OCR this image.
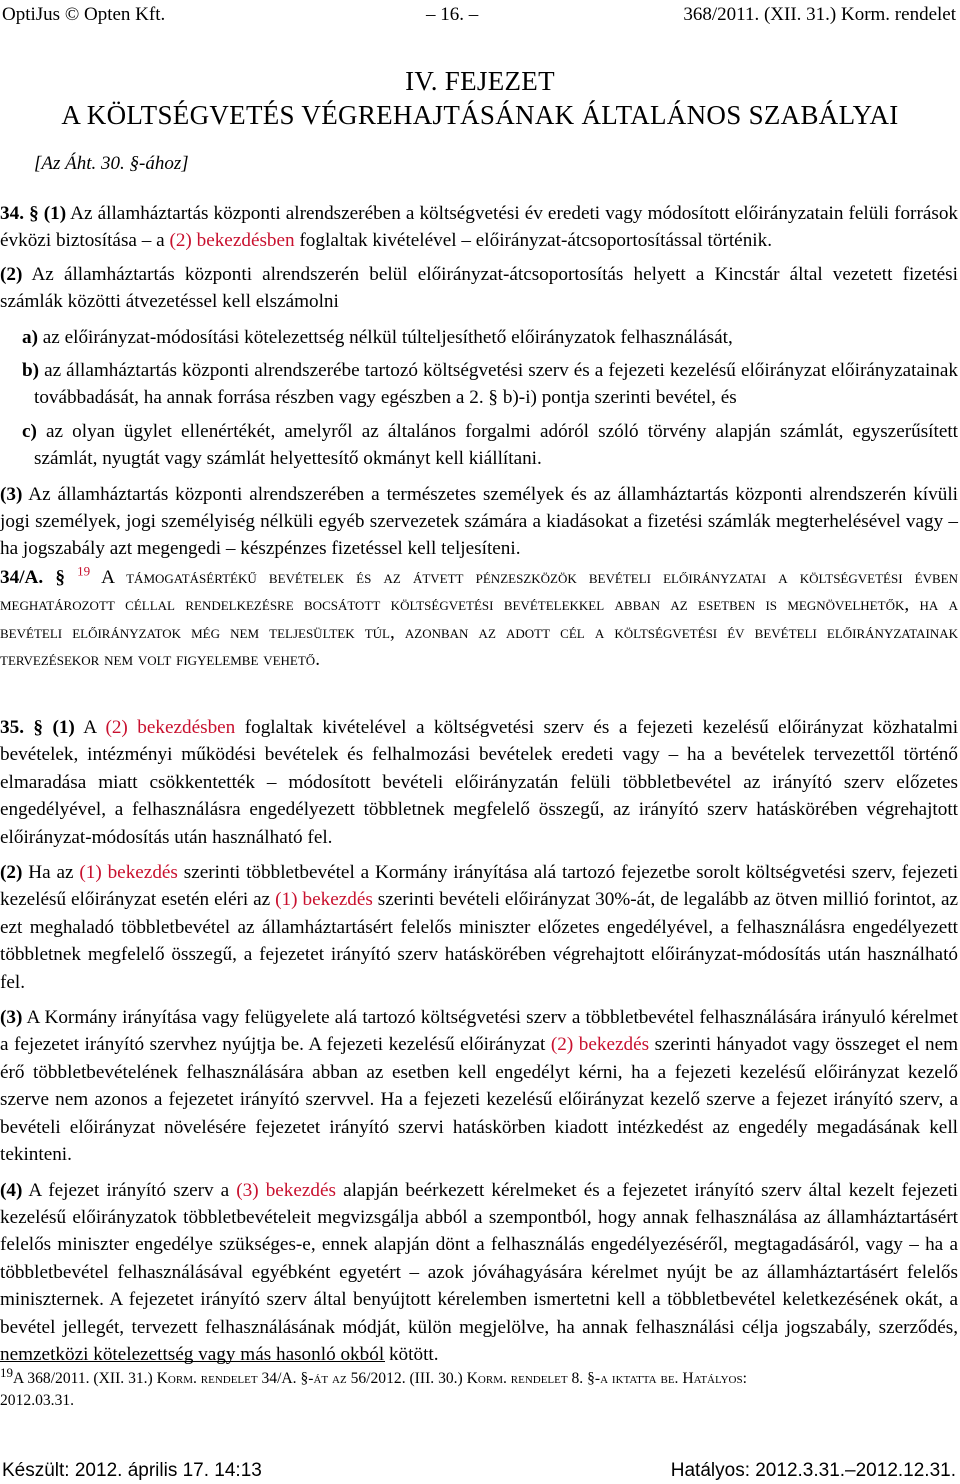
OptiJus © Opten Kft.	– 16. –	368/2011. (XII. 31.) Korm. rendelet
IV. FEJEZET
A KÖLTSÉGVETÉS VÉGREHAJTÁSÁNAK ÁLTALÁNOS SZABÁLYAI
[Az Áht. 30. §-ához]

34. § (1) Az államháztartás központi alrendszerében a költségvetési év eredeti vagy módosított előirányzatain felüli források évközi biztosítása – a (2) bekezdésben foglaltak kivételével – előirányzat-átcsoportosítással történik.

(2) Az államháztartás központi alrendszerén belül előirányzat-átcsoportosítás helyett a Kincstár által vezetett fizetési számlák közötti átvezetéssel kell elszámolni

a) az előirányzat-módosítási kötelezettség nélkül túlteljesíthető előirányzatok felhasználását,

b) az államháztartás központi alrendszerébe tartozó költségvetési szerv és a fejezeti kezelésű előirányzat előirányzatainak továbbadását, ha annak forrása részben vagy egészben a 2. § b)-i) pontja szerinti bevétel, és

c) az olyan ügylet ellenértékét, amelyről az általános forgalmi adóról szóló törvény alapján számlát, egyszerűsített számlát, nyugtát vagy számlát helyettesítő okmányt kell kiállítani.

(3) Az államháztartás központi alrendszerében a természetes személyek és az államháztartás központi alrendszerén kívüli jogi személyek, jogi személyiség nélküli egyéb szervezetek számára a kiadásokat a fizetési számlák megterhelésével vagy – ha jogszabály azt megengedi – készpénzes fizetéssel kell teljesíteni.

34/A. § $^{19}$ A támogatásértékű bevételek és az átvett pénzeszközök bevételi előirányzatai a költségvetési évben meghatározott céllal rendelkezésre bocsátott költségvetési bevételekkel abban az esetben is megnövelhetők, ha a bevételi előirányzatok még nem teljesültek túl, azonban az adott cél a költségvetési év bevételi előirányzatainak tervezésekor nem volt figyelembe vehető.

35. § (1) A (2) bekezdésben foglaltak kivételével a költségvetési szerv és a fejezeti kezelésű előirányzat közhatalmi bevételek, intézményi működési bevételek és felhalmozási bevételek eredeti vagy – ha a bevételek tervezettől történő elmaradása miatt csökkentették – módosított bevételi előirányzatán felüli többletbevétel az irányító szerv előzetes engedélyével, a felhasználásra engedélyezett többletnek megfelelő összegű, az irányító szerv hatáskörében végrehajtott előirányzat-módosítás után használható fel.

(2) Ha az (1) bekezdés szerinti többletbevétel a Kormány irányítása alá tartozó fejezetbe sorolt költségvetési szerv, fejezeti kezelésű előirányzat esetén eléri az (1) bekezdés szerinti bevételi előirányzat 30%-át, de legalább az ötven millió forintot, az ezt meghaladó többletbevétel az államháztartásért felelős miniszter előzetes engedélyével, a felhasználásra engedélyezett többletnek megfelelő összegű, a fejezetet irányító szerv hatáskörében végrehajtott előirányzat-módosítás után használható fel.

(3) A Kormány irányítása vagy felügyelete alá tartozó költségvetési szerv a többletbevétel felhasználására irányuló kérelmet a fejezetet irányító szervhez nyújtja be. A fejezeti kezelésű előirányzat (2) bekezdés szerinti hányadot vagy összeget el nem érő többletbevételének felhasználására abban az esetben kell engedélyt kérni, ha a fejezeti kezelésű előirányzat kezelő szerve nem azonos a fejezetet irányító szervvel. Ha a fejezeti kezelésű előirányzat kezelő szerve a fejezet irányító szerv, a bevételi előirányzat növelésére fejezetet irányító szervi hatáskörben kiadott intézkedést az engedély megadásának kell tekinteni.

(4) A fejezet irányító szerv a (3) bekezdés alapján beérkezett kérelmeket és a fejezetet irányító szerv által kezelt fejezeti kezelésű előirányzatok többletbevételeit megvizsgálja abból a szempontból, hogy annak felhasználása az államháztartásért felelős miniszter engedélye szükséges-e, ennek alapján dönt a felhasználás engedélyezéséről, megtagadásáról, vagy – ha a többletbevétel felhasználásával egyébként egyetért – azok jóváhagyására kérelmet nyújt be az államháztartásért felelős miniszternek. A fejezetet irányító szerv által benyújtott kérelemben ismertetni kell a többletbevétel keletkezésének okát, a bevétel jellegét, tervezett felhasználásának módját, külön megjelölve, ha annak felhasználási célja jogszabály, szerződés, nemzetközi kötelezettség vagy más hasonló okból kötött.

$^{19}$A 368/2011. (XII. 31.) Korm. rendelet 34/A. §-át az 56/2012. (III. 30.) Korm. rendelet 8. §-a iktatta be. Hatályos:
2012.03.31.
Készült: 2012. április 17. 14:13	Hatályos: 2012.3.31.–2012.12.31.
